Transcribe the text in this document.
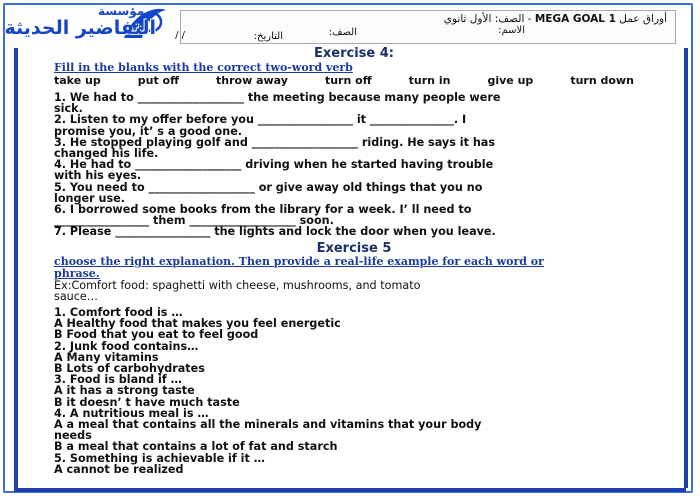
مؤسسة
التفاضير الحديثة	أوراق عمل MEGA GOAL 1 - الصف: الأول ثانوي
الاسم:
الصف:
التاريخ:
/ /
Exercise 4:
Fill in the blanks with the correct two-word verb
take up	put off	throw away	turn off	turn in	give up	turn down
1. We had to ___________________ the meeting because many people were
sick.
2. Listen to my offer before you _________________ it _______________. I
promise you, it’ s a good one.
3. He stopped playing golf and ___________________ riding. He says it has
changed his life.
4. He had to ___________________ driving when he started having trouble
with his eyes.
5. You need to ___________________ or give away old things that you no
longer use.
6. I borrowed some books from the library for a week. I’ ll need to
_________________ them ___________________ soon.
7. Please _________________ the lights and lock the door when you leave.
Exercise 5
choose the right explanation. Then provide a real-life example for each word or
phrase.
Ex:Comfort food: spaghetti with cheese, mushrooms, and tomato
sauce…
1. Comfort food is …
A Healthy food that makes you feel energetic
B Food that you eat to feel good
2. Junk food contains…
A Many vitamins
B Lots of carbohydrates
3. Food is bland if …
A it has a strong taste
B it doesn’ t have much taste
4. A nutritious meal is …
A a meal that contains all the minerals and vitamins that your body
needs
B a meal that contains a lot of fat and starch
5. Something is achievable if it …
A cannot be realized
